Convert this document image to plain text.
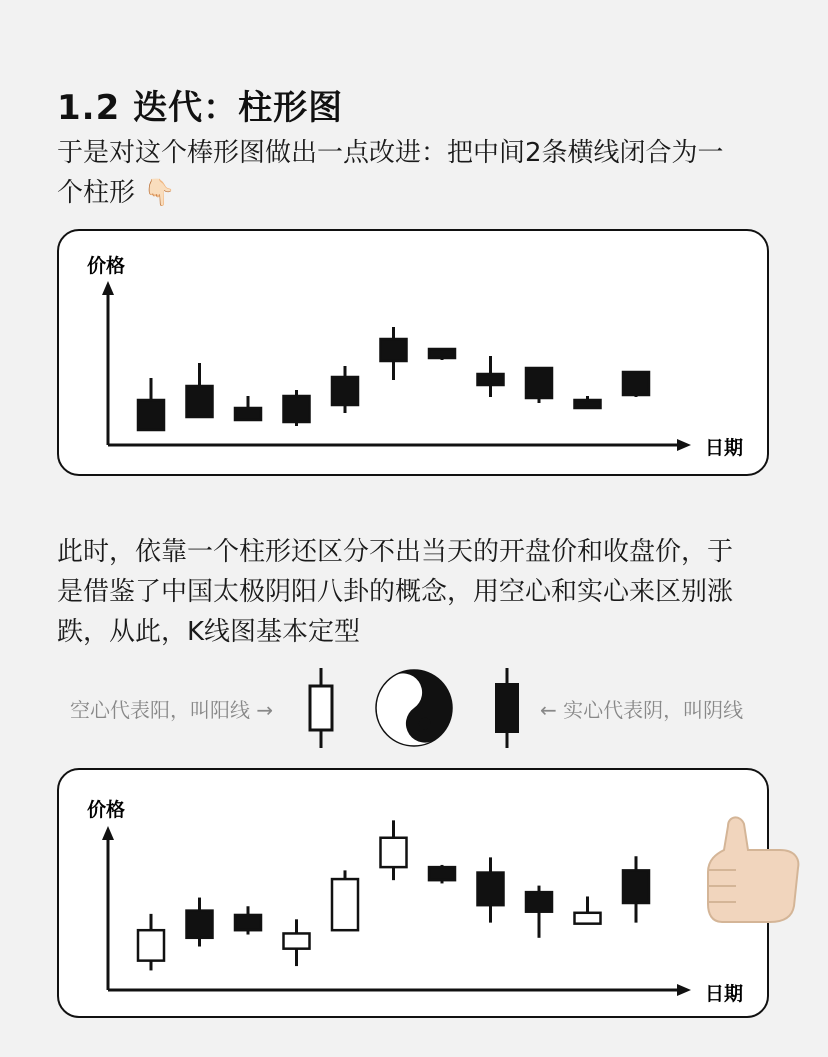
1.2 迭代：柱形图
于是对这个棒形图做出一点改进：把中间2条横线闭合为一
个柱形 👇🏻
价格
日期
空心代表阳，叫阳线 →	← 实心代表阴，叫阴线
此时，依靠一个柱形还区分不出当天的开盘价和收盘价，于
是借鉴了中国太极阴阳八卦的概念，用空心和实心来区别涨
跌，从此，K线图基本定型
价格
日期
